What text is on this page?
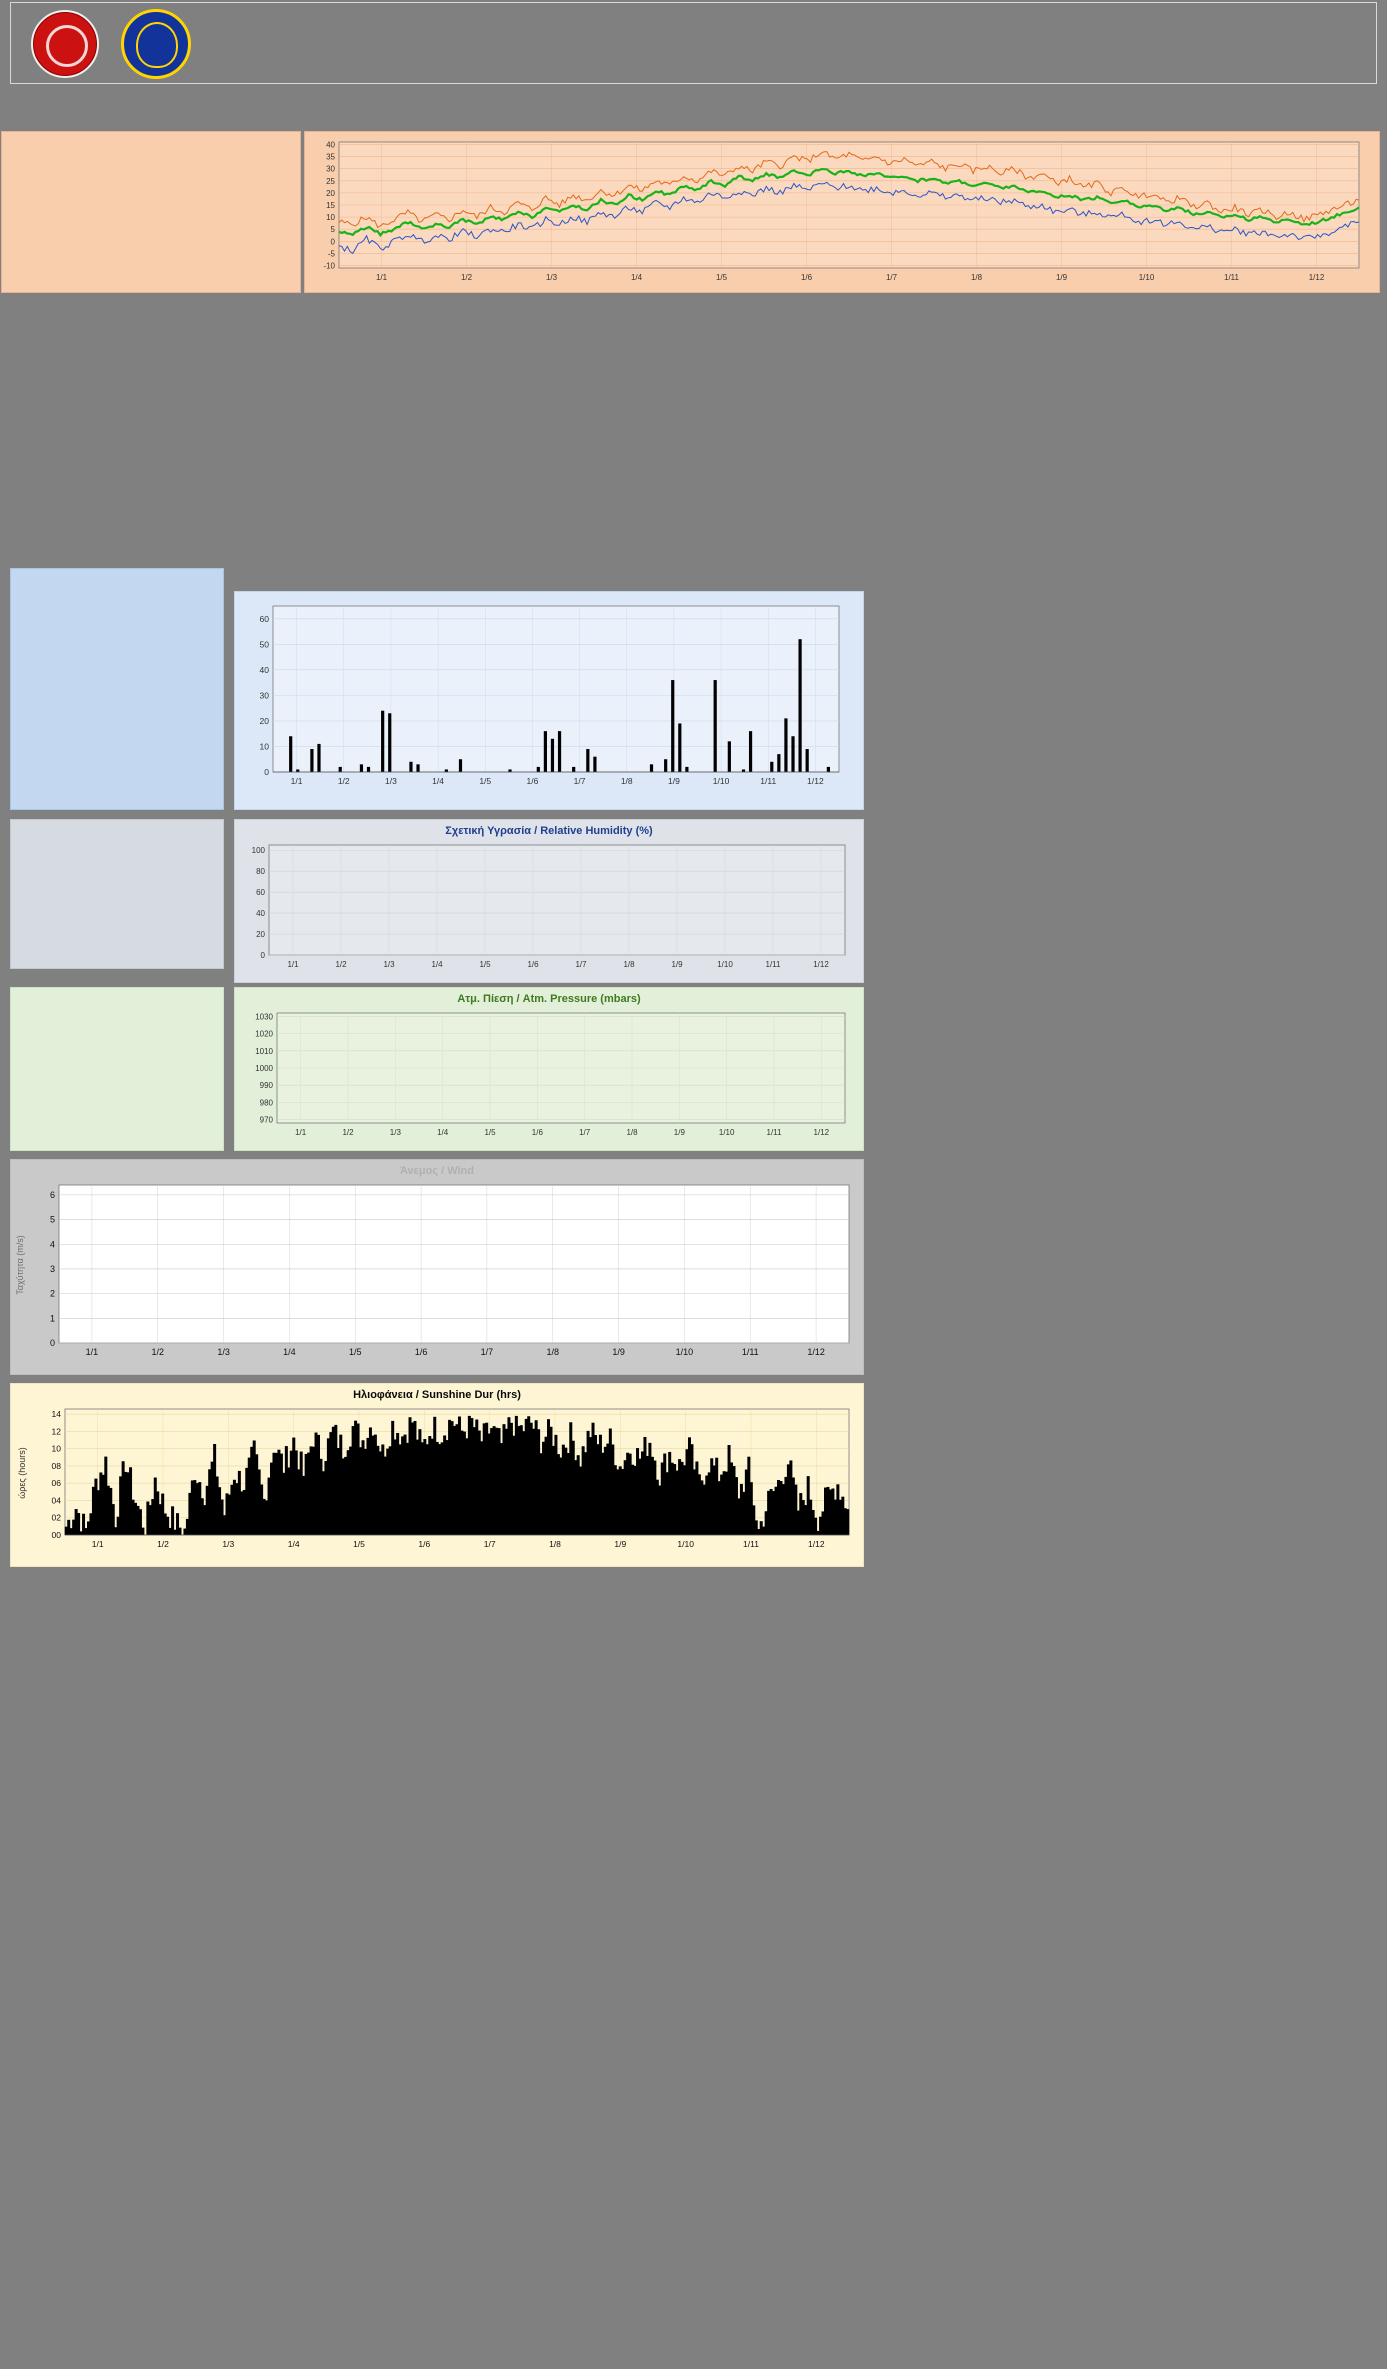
40
35
30
25
20
15
10
5
0
-5
-10
1/1	1/2	1/3	1/4	1/5	1/6	1/7	1/8	1/9	1/10	1/11	1/12
60
50
40
30
20
10
0
1/1	1/2	1/3	1/4	1/5	1/6	1/7	1/8	1/9	1/10	1/11	1/12
Σχετική Υγρασία / Relative Humidity (%)
100
80
60
40
20
0
1/1	1/2	1/3	1/4	1/5	1/6	1/7	1/8	1/9	1/10	1/11	1/12
Ατμ. Πίεση / Atm. Pressure (mbars)
1030
1020
1010
1000
990
980
970
1/1	1/2	1/3	1/4	1/5	1/6	1/7	1/8	1/9	1/10	1/11	1/12
Άνεμος / Wind
6
5
4
3
2
1
0
1/1	1/2	1/3	1/4	1/5	1/6	1/7	1/8	1/9	1/10	1/11	1/12
Ταχύτητα (m/s)
Ηλιοφάνεια / Sunshine Dur (hrs)
14
12
10
08
06
04
02
00
1/1	1/2	1/3	1/4	1/5	1/6	1/7	1/8	1/9	1/10	1/11	1/12
ώρες (hours)
